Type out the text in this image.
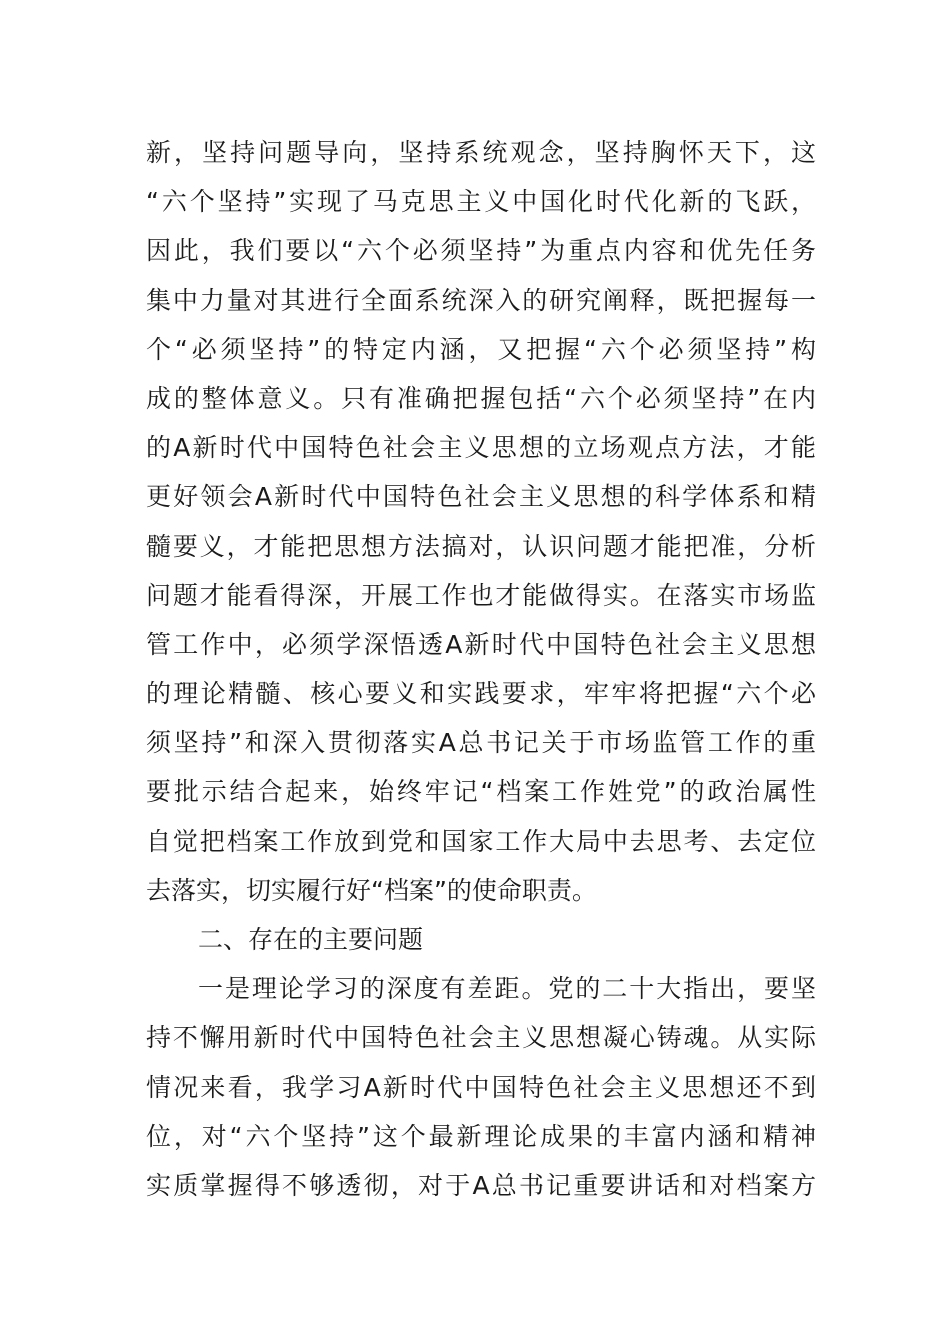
新，坚持问题导向，坚持系统观念，坚持胸怀天下，这
“六个坚持”实现了马克思主义中国化时代化新的飞跃，
因此，我们要以“六个必须坚持”为重点内容和优先任务
集中力量对其进行全面系统深入的研究阐释，既把握每一
个“必须坚持”的特定内涵，又把握“六个必须坚持”构
成的整体意义。只有准确把握包括“六个必须坚持”在内
的A新时代中国特色社会主义思想的立场观点方法，才能
更好领会A新时代中国特色社会主义思想的科学体系和精
髓要义，才能把思想方法搞对，认识问题才能把准，分析
问题才能看得深，开展工作也才能做得实。在落实市场监
管工作中，必须学深悟透A新时代中国特色社会主义思想
的理论精髓、核心要义和实践要求，牢牢将把握“六个必
须坚持”和深入贯彻落实A总书记关于市场监管工作的重
要批示结合起来，始终牢记“档案工作姓党”的政治属性
自觉把档案工作放到党和国家工作大局中去思考、去定位
去落实，切实履行好“档案”的使命职责。
二、存在的主要问题
一是理论学习的深度有差距。党的二十大指出，要坚
持不懈用新时代中国特色社会主义思想凝心铸魂。从实际
情况来看，我学习A新时代中国特色社会主义思想还不到
位，对“六个坚持”这个最新理论成果的丰富内涵和精神
实质掌握得不够透彻，对于A总书记重要讲话和对档案方
